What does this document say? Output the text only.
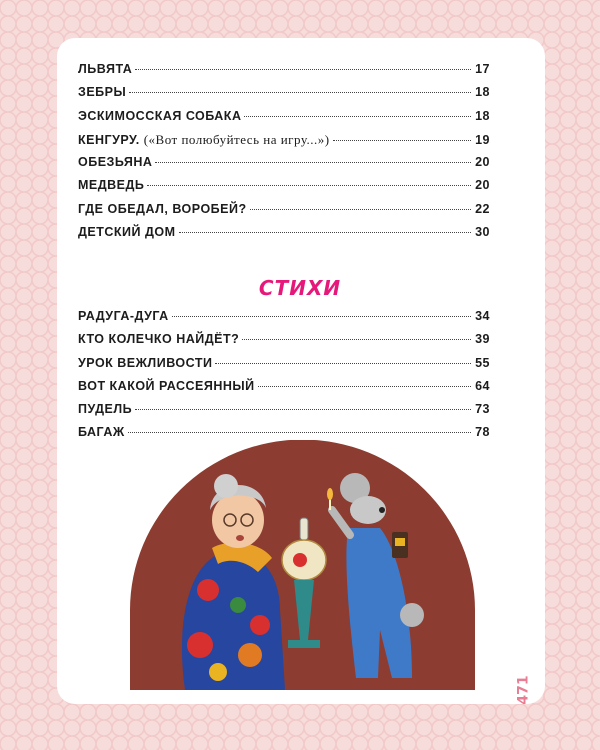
ЛЬВЯТА	17
ЗЕБРЫ	18
ЭСКИМОССКАЯ СОБАКА	18
КЕНГУРУ. («Вот полюбуйтесь на игру...»)	19
ОБЕЗЬЯНА	20
МЕДВЕДЬ	20
ГДЕ ОБЕДАЛ, ВОРОБЕЙ?	22
ДЕТСКИЙ ДОМ	30
СТИХИ
РАДУГА-ДУГА	34
КТО КОЛЕЧКО НАЙДЁТ?	39
УРОК ВЕЖЛИВОСТИ	55
ВОТ КАКОЙ РАССЕЯННЫЙ	64
ПУДЕЛЬ	73
БАГАЖ	78
471
